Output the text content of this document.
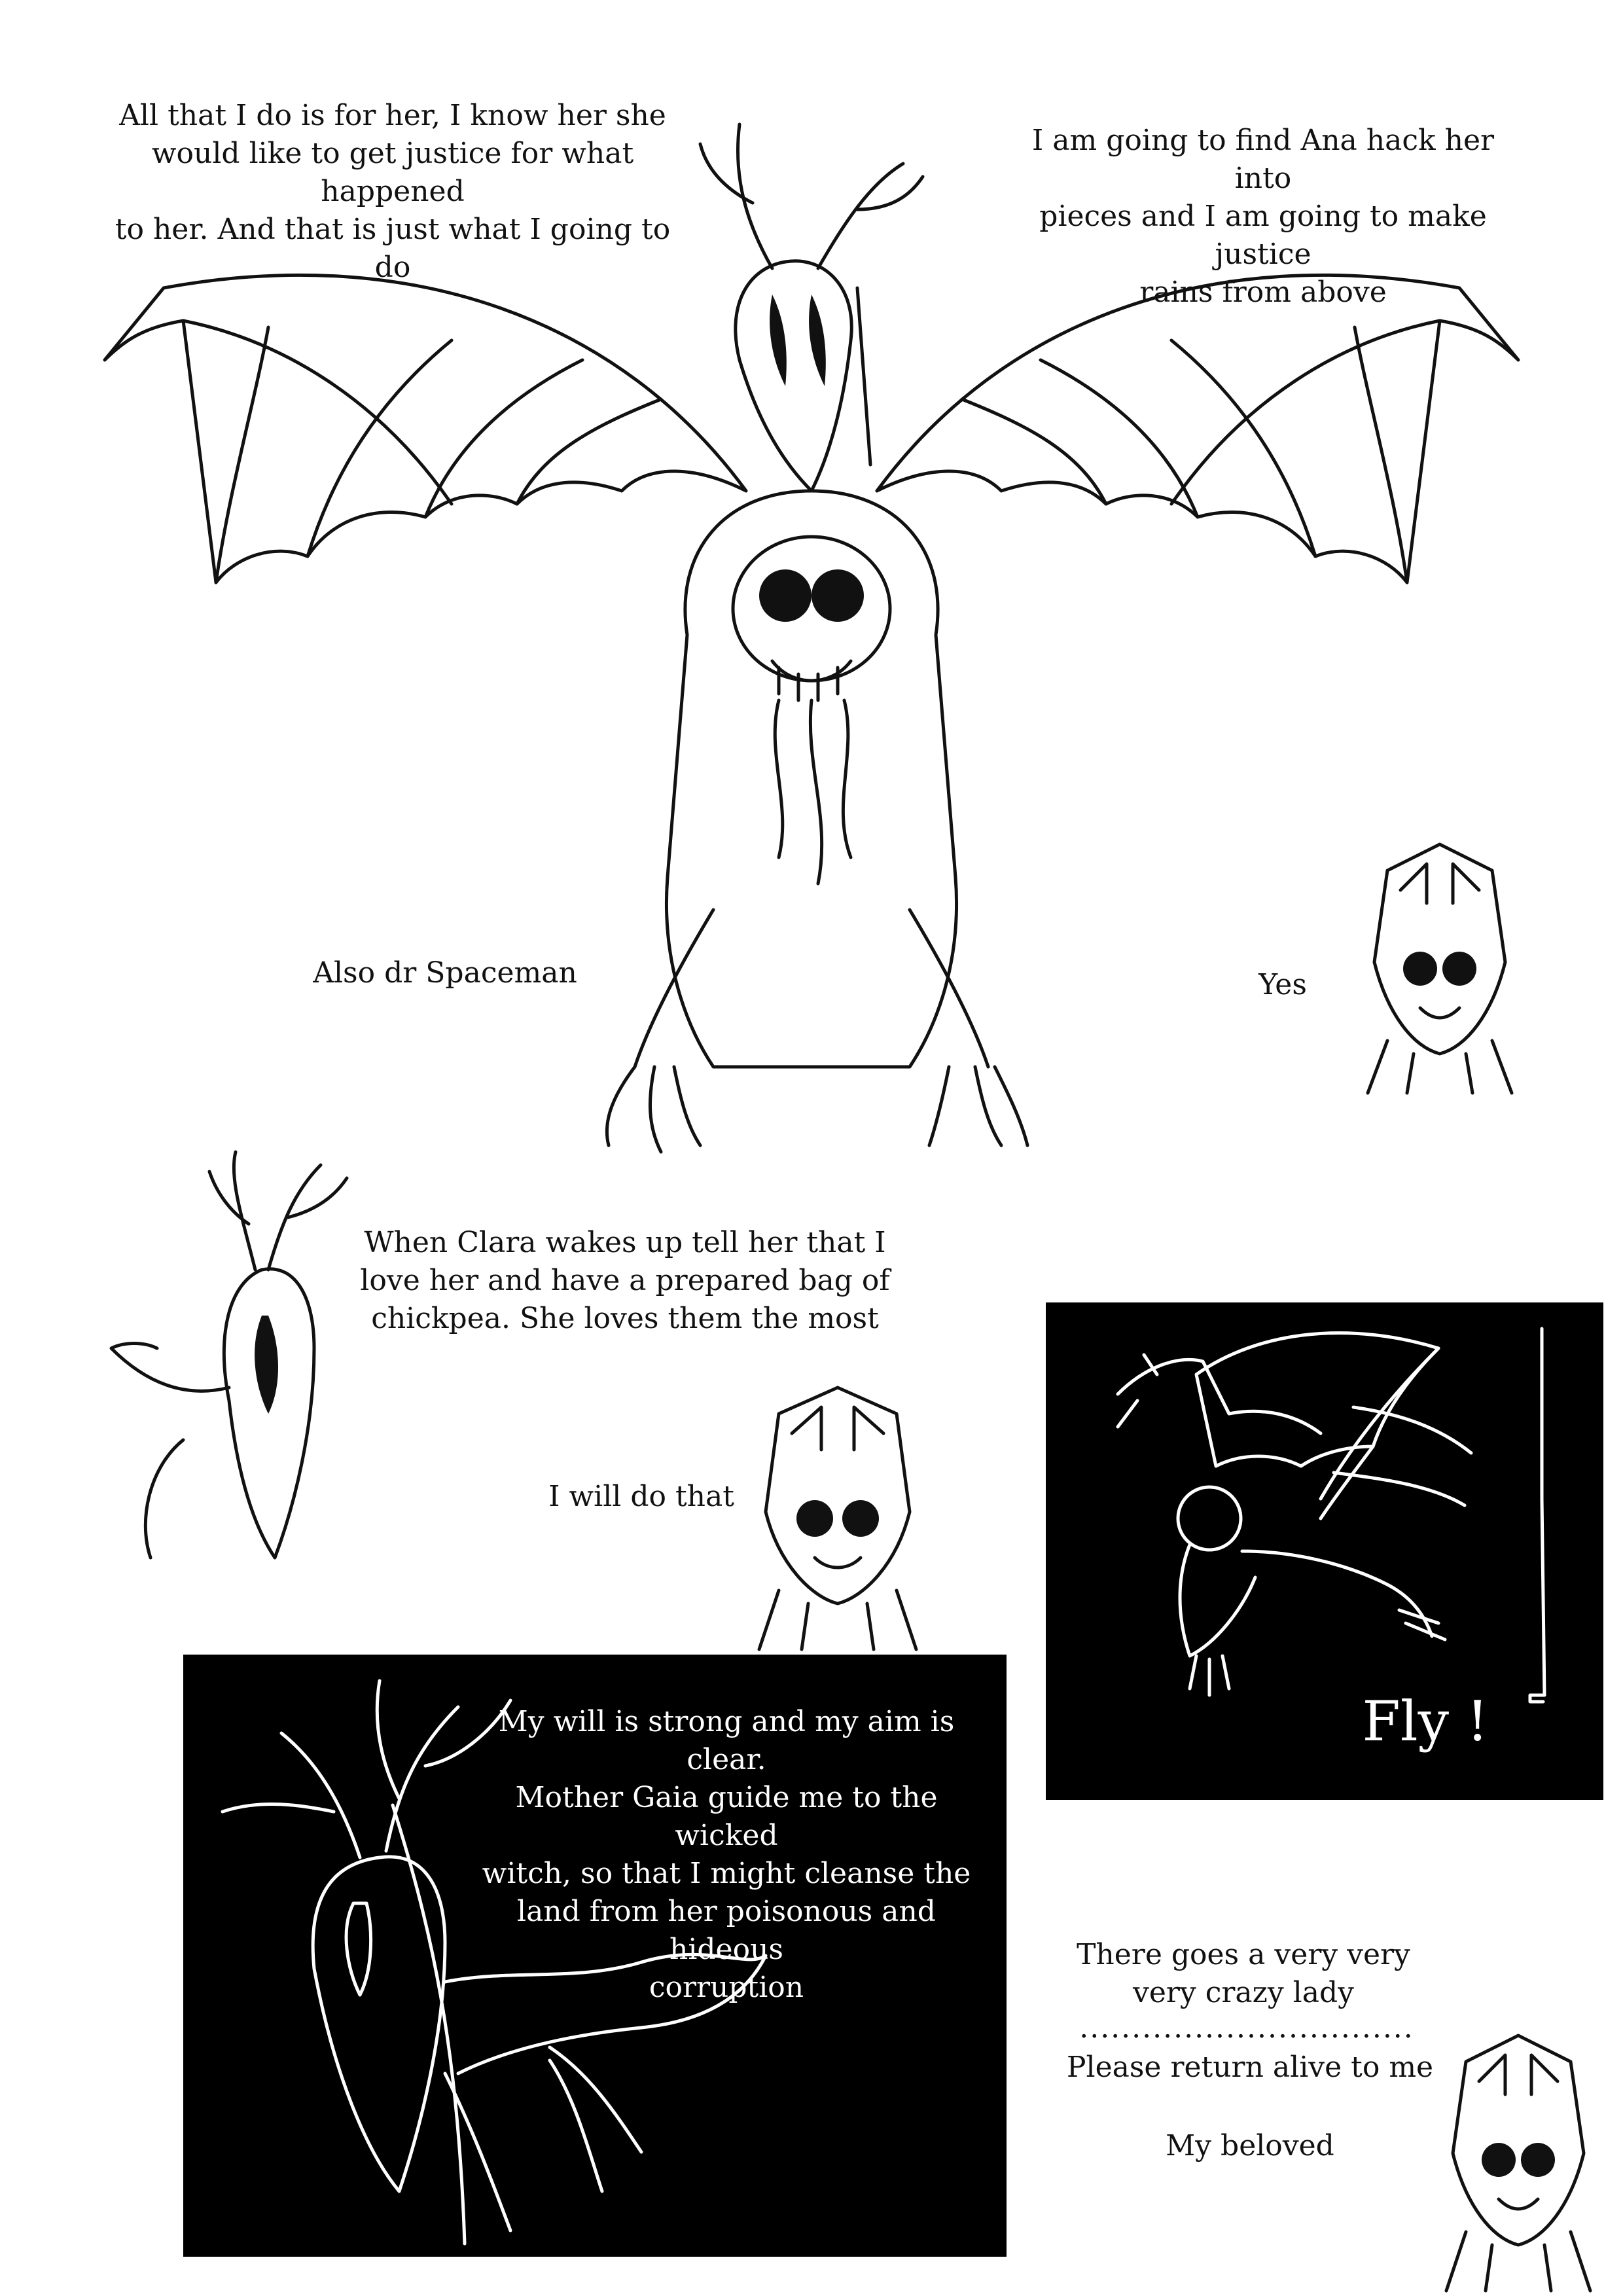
All that I do is for her, I know her she
would like to get justice for what happened
to her. And that is just what I going to do
I am going to find Ana hack her into
pieces and I am going to make justice
rains from above
Also dr Spaceman	Yes
When Clara wakes up tell her that I
love her and have a prepared bag of
chickpea. She loves them the most
I will do that
Fly !
My will is strong and my aim is clear.
Mother Gaia guide me to the wicked
witch, so that I might cleanse the
land from her poisonous and hideous
corruption
There goes a very very
very crazy lady
................................
Please return alive to me
My beloved
